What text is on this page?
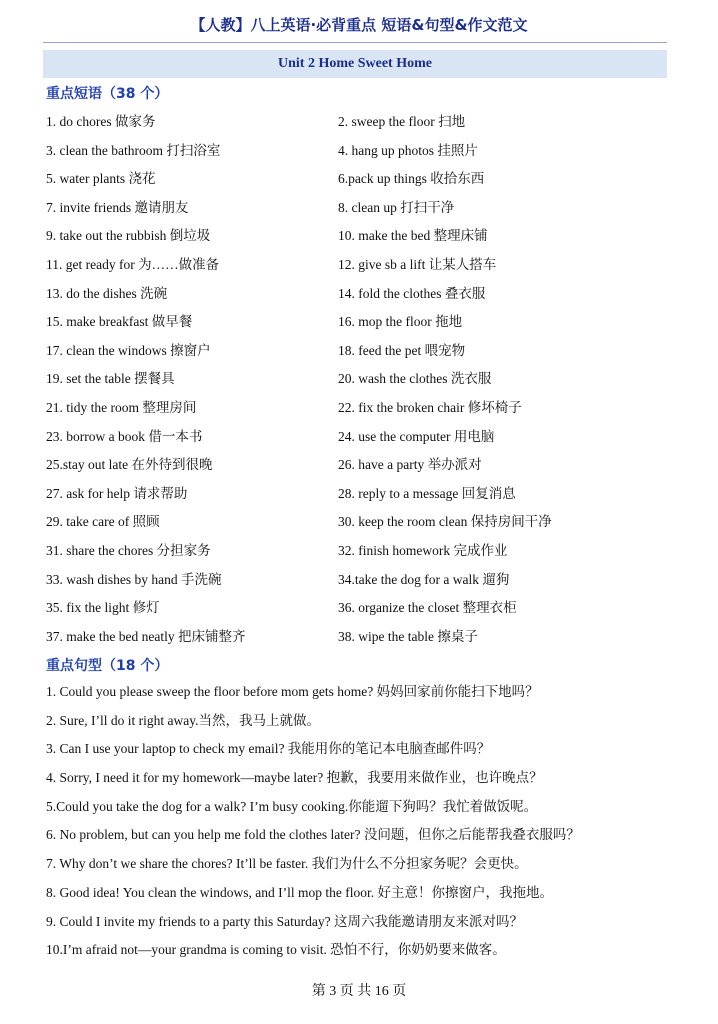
【人教】八上英语·必背重点 短语&句型&作文范文
Unit 2 Home Sweet Home
重点短语（38 个）
1. do chores 做家务	2. sweep the floor 扫地
3. clean the bathroom 打扫浴室	4. hang up photos 挂照片
5. water plants 浇花	6.pack up things 收拾东西
7. invite friends 邀请朋友	8. clean up 打扫干净
9. take out the rubbish 倒垃圾	10. make the bed 整理床铺
11. get ready for 为……做准备	12. give sb a lift 让某人搭车
13. do the dishes 洗碗	14. fold the clothes 叠衣服
15. make breakfast 做早餐	16. mop the floor 拖地
17. clean the windows 擦窗户	18. feed the pet 喂宠物
19. set the table 摆餐具	20. wash the clothes 洗衣服
21. tidy the room 整理房间	22. fix the broken chair 修坏椅子
23. borrow a book 借一本书	24. use the computer 用电脑
25.stay out late 在外待到很晚	26. have a party 举办派对
27. ask for help 请求帮助	28. reply to a message 回复消息
29. take care of 照顾	30. keep the room clean 保持房间干净
31. share the chores 分担家务	32. finish homework 完成作业
33. wash dishes by hand 手洗碗	34.take the dog for a walk 遛狗
35. fix the light 修灯	36. organize the closet 整理衣柜
37. make the bed neatly 把床铺整齐	38. wipe the table 擦桌子
重点句型（18 个）
1. Could you please sweep the floor before mom gets home? 妈妈回家前你能扫下地吗？
2. Sure, I’ll do it right away.当然，我马上就做。
3. Can I use your laptop to check my email? 我能用你的笔记本电脑查邮件吗？
4. Sorry, I need it for my homework—maybe later? 抱歉，我要用来做作业，也许晚点？
5.Could you take the dog for a walk? I’m busy cooking.你能遛下狗吗？我忙着做饭呢。
6. No problem, but can you help me fold the clothes later? 没问题，但你之后能帮我叠衣服吗？
7. Why don’t we share the chores? It’ll be faster. 我们为什么不分担家务呢？会更快。
8. Good idea! You clean the windows, and I’ll mop the floor. 好主意！你擦窗户，我拖地。
9. Could I invite my friends to a party this Saturday? 这周六我能邀请朋友来派对吗？
10.I’m afraid not—your grandma is coming to visit. 恐怕不行，你奶奶要来做客。
第 3 页 共 16 页
